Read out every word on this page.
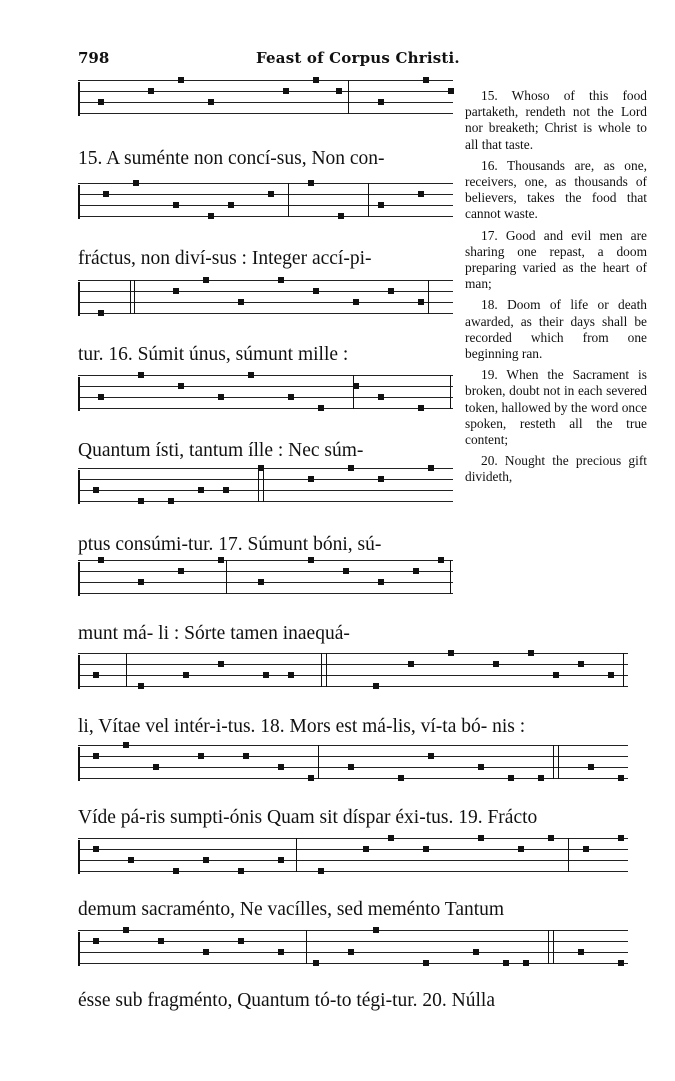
798	Feast of Corpus Christi.
15. A suménte non concí-sus, Non con-
fráctus, non diví-sus : Integer accí-pi-
tur. 16. Súmit únus, súmunt mille :
Quantum ísti, tantum ílle : Nec súm-
ptus consúmi-tur. 17. Súmunt bóni, sú-
munt má- li : Sórte tamen inaequá-
li, Vítae vel intér-i-tus. 18. Mors est má-lis, ví-ta bó- nis :
Víde pá-ris sumpti-ónis Quam sit díspar éxi-tus. 19. Frácto
demum sacraménto, Ne vacílles, sed meménto Tantum
ésse sub fragménto, Quantum tó-to tégi-tur. 20. Núlla

15. Whoso of this food partaketh, rendeth not the Lord nor breaketh; Christ is whole to all that taste.

16. Thousands are, as one, receivers, one, as thousands of believers, takes the food that cannot waste.

17. Good and evil men are sharing one repast, a doom preparing varied as the heart of man;

18. Doom of life or death awarded, as their days shall be recorded which from one beginning ran.

19. When the Sacrament is broken, doubt not in each severed token, hallowed by the word once spoken, resteth all the true content;

20. Nought the precious gift divideth,
